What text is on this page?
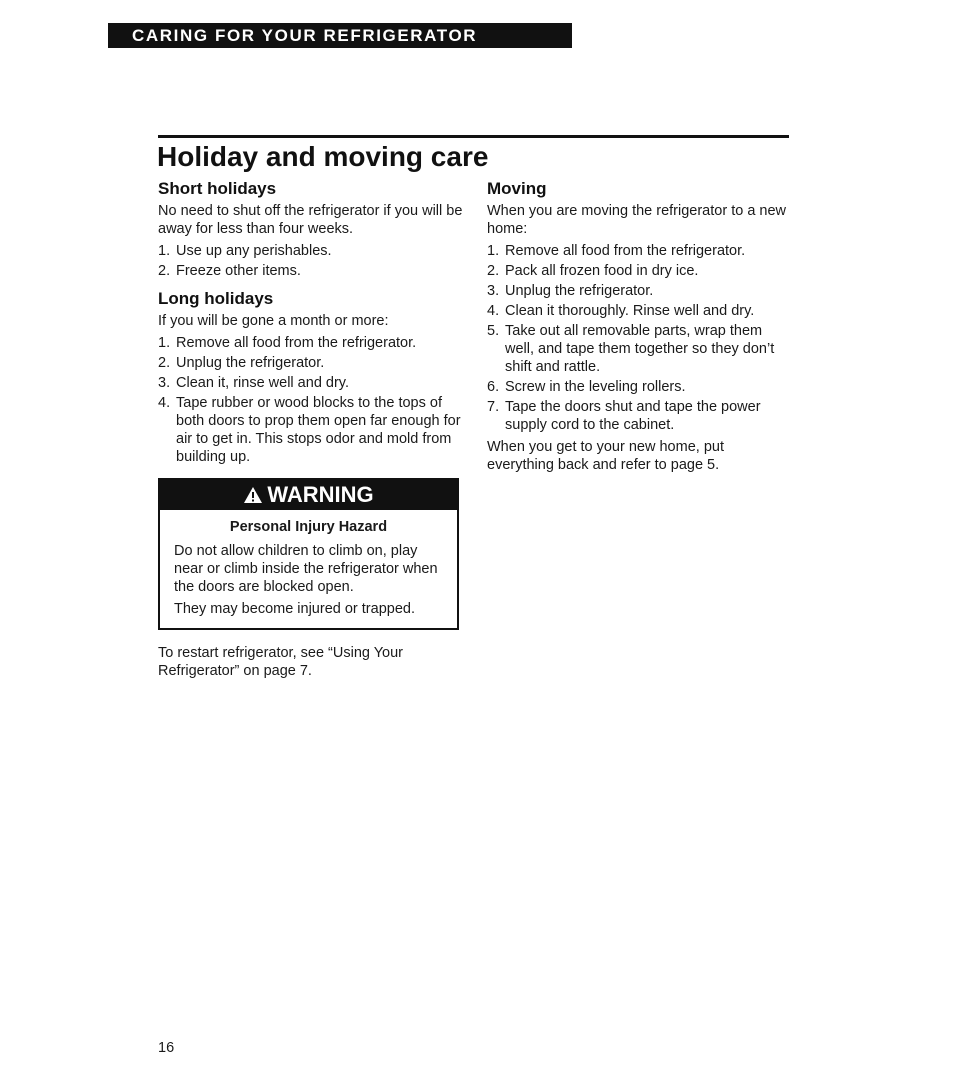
CARING FOR YOUR REFRIGERATOR
Holiday and moving care
Short holidays

No need to shut off the refrigerator if you will be away for less than four weeks.

1. Use up any perishables.
2. Freeze other items.
Long holidays

If you will be gone a month or more:

1. Remove all food from the refrigerator.
2. Unplug the refrigerator.
3. Clean it, rinse well and dry.
4. Tape rubber or wood blocks to the tops of both doors to prop them open far enough for air to get in. This stops odor and mold from building up.
WARNING
Personal Injury Hazard

Do not allow children to climb on, play near or climb inside the refrigerator when the doors are blocked open.

They may become injured or trapped.

To restart refrigerator, see “Using Your Refrigerator” on page 7.

Moving

When you are moving the refrigerator to a new home:

1. Remove all food from the refrigerator.
2. Pack all frozen food in dry ice.
3. Unplug the refrigerator.
4. Clean it thoroughly. Rinse well and dry.
5. Take out all removable parts, wrap them well, and tape them together so they don’t shift and rattle.
6. Screw in the leveling rollers.
7. Tape the doors shut and tape the power supply cord to the cabinet.

When you get to your new home, put everything back and refer to page 5.

16
